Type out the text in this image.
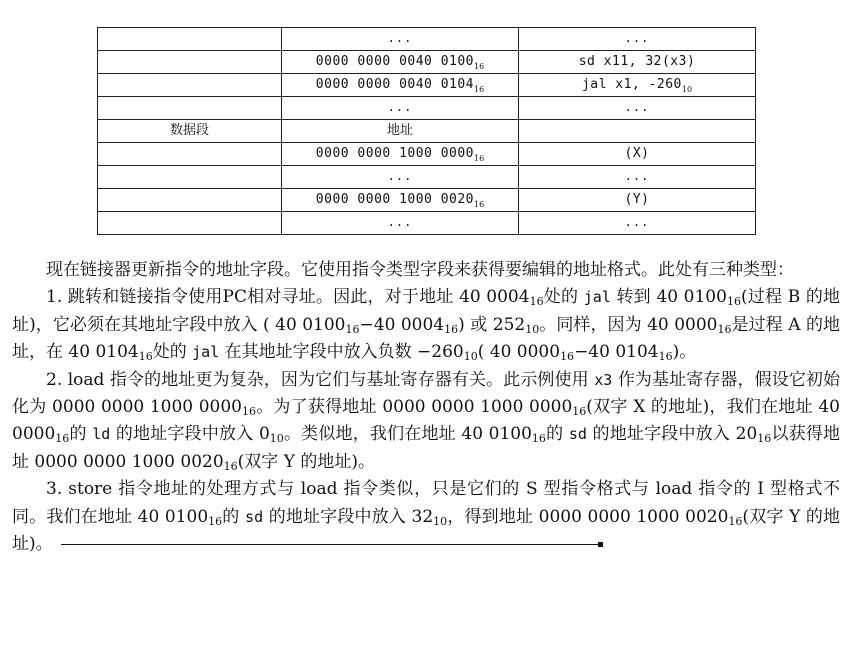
	...	...
	0000 0000 0040 $0100_{16}$	sd x11, 32(x3)
	0000 0000 0040 $0104_{16}$	jal x1, $-260_{10}$
	...	...
数据段	地址	
	0000 0000 1000 $0000_{16}$	(X)
	...	...
	0000 0000 1000 $0020_{16}$	(Y)
	...	...

现在链接器更新指令的地址字段。它使用指令类型字段来获得要编辑的地址格式。此处有三种类型：

1. 跳转和链接指令使用PC相对寻址。因此，对于地址 40 $0004_{16}$处的 jal 转到 40 $0100_{16}$(过程 B 的地址)，它必须在其地址字段中放入 ( 40 $0100_{16}-40$ $0004_{16}$) 或 $252_{10}$。同样，因为 40 $0000_{16}$是过程 A 的地址，在 40 $0104_{16}$处的 jal 在其地址字段中放入负数 $-260_{10}$( 40 $0000_{16}-40$ $0104_{16}$)。

2. load 指令的地址更为复杂，因为它们与基址寄存器有关。此示例使用 x3 作为基址寄存器，假设它初始化为 0000 0000 1000 $0000_{16}$。为了获得地址 0000 0000 1000 $0000_{16}$(双字 X 的地址)，我们在地址 40 $0000_{16}$的 ld 的地址字段中放入 $0_{10}$。类似地，我们在地址 40 $0100_{16}$的 sd 的地址字段中放入 $20_{16}$以获得地址 0000 0000 1000 $0020_{16}$(双字 Y 的地址)。

3. store 指令地址的处理方式与 load 指令类似，只是它们的 S 型指令格式与 load 指令的 I 型格式不同。我们在地址 40 $0100_{16}$的 sd 的地址字段中放入 $32_{10}$，得到地址 0000 0000 1000 $0020_{16}$(双字 Y 的地址)。
